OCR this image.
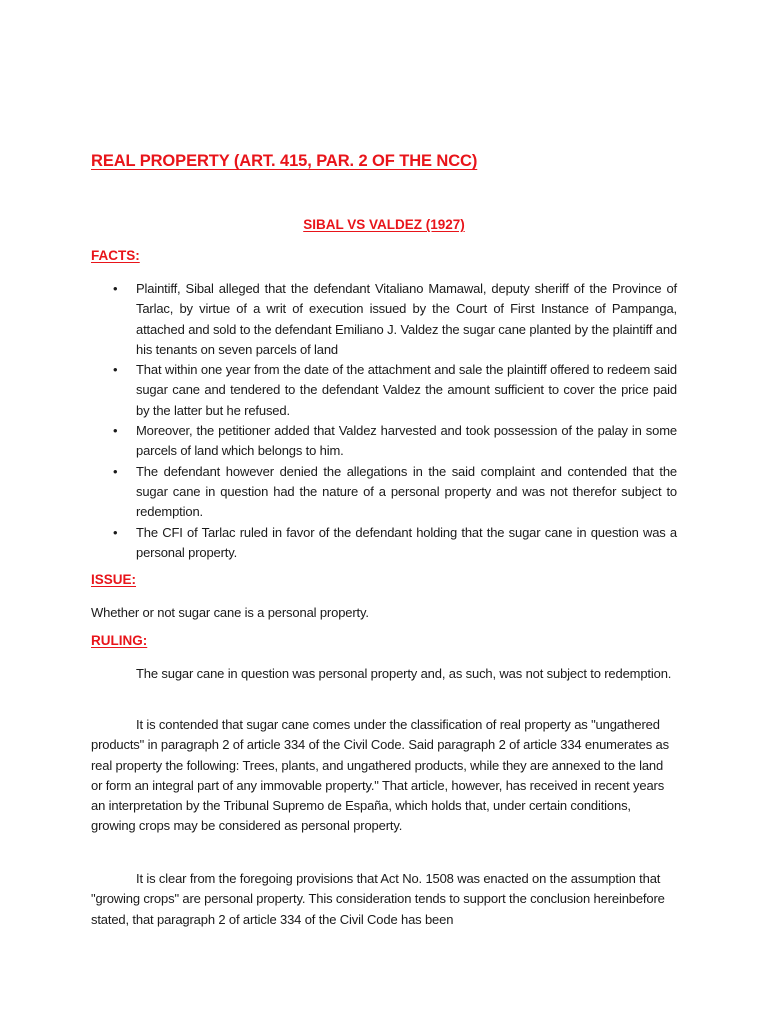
REAL PROPERTY (ART. 415, PAR. 2 OF THE NCC)
SIBAL VS VALDEZ (1927)
FACTS:
• Plaintiff, Sibal alleged that the defendant Vitaliano Mamawal, deputy sheriff of the Province of Tarlac, by virtue of a writ of execution issued by the Court of First Instance of Pampanga, attached and sold to the defendant Emiliano J. Valdez the sugar cane planted by the plaintiff and his tenants on seven parcels of land
• That within one year from the date of the attachment and sale the plaintiff offered to redeem said sugar cane and tendered to the defendant Valdez the amount sufficient to cover the price paid by the latter but he refused.
• Moreover, the petitioner added that Valdez harvested and took possession of the palay in some parcels of land which belongs to him.
• The defendant however denied the allegations in the said complaint and contended that the sugar cane in question had the nature of a personal property and was not therefor subject to redemption.
• The CFI of Tarlac ruled in favor of the defendant holding that the sugar cane in question was a personal property.
ISSUE:

Whether or not sugar cane is a personal property.

RULING:

The sugar cane in question was personal property and, as such, was not subject to redemption.

It is contended that sugar cane comes under the classification of real property as "ungathered products" in paragraph 2 of article 334 of the Civil Code. Said paragraph 2 of article 334 enumerates as real property the following: Trees, plants, and ungathered products, while they are annexed to the land or form an integral part of any immovable property." That article, however, has received in recent years an interpretation by the Tribunal Supremo de España, which holds that, under certain conditions, growing crops may be considered as personal property.

It is clear from the foregoing provisions that Act No. 1508 was enacted on the assumption that "growing crops" are personal property. This consideration tends to support the conclusion hereinbefore stated, that paragraph 2 of article 334 of the Civil Code has been
